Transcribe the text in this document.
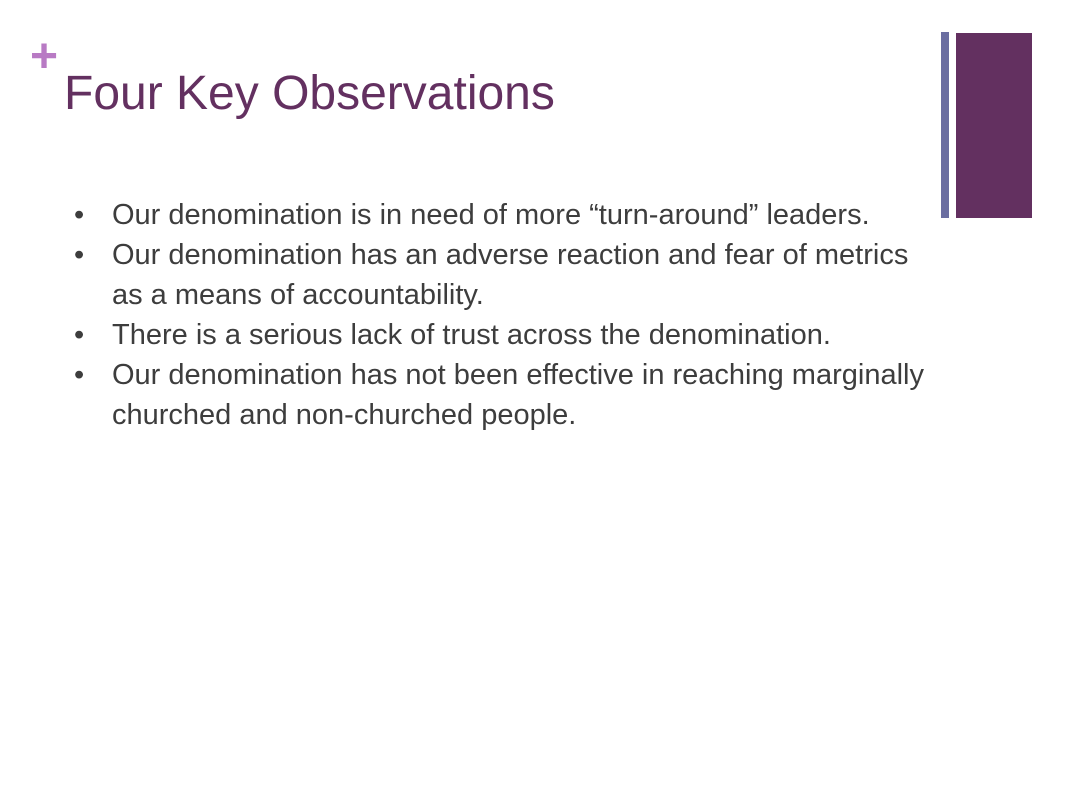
+
Four Key Observations
• Our denomination is in need of more “turn-around” leaders.
• Our denomination has an adverse reaction and fear of metrics as a means of accountability.
• There is a serious lack of trust across the denomination.
• Our denomination has not been effective in reaching marginally churched and non-churched people.
